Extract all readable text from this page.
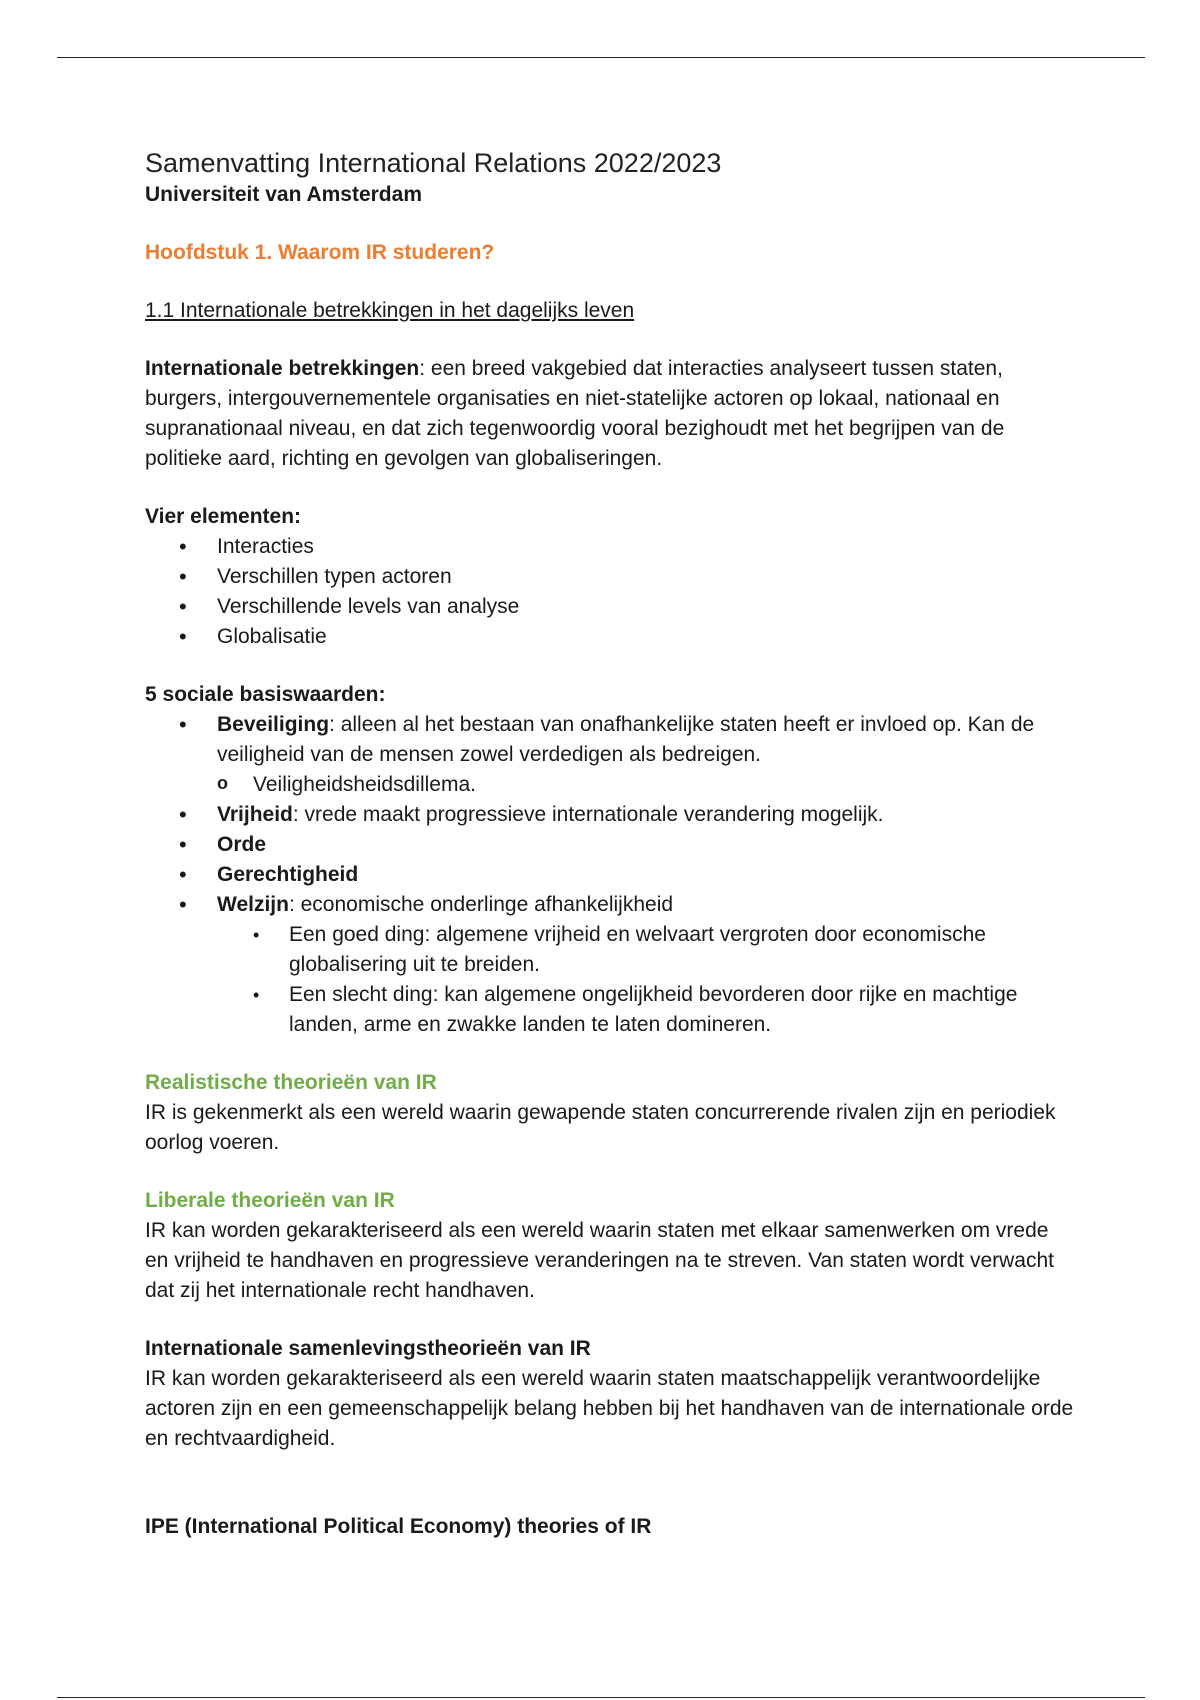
Samenvatting International Relations 2022/2023

Universiteit van Amsterdam

Hoofdstuk 1. Waarom IR studeren?

1.1 Internationale betrekkingen in het dagelijks leven

Internationale betrekkingen: een breed vakgebied dat interacties analyseert tussen staten, burgers, intergouvernementele organisaties en niet-statelijke actoren op lokaal, nationaal en supranationaal niveau, en dat zich tegenwoordig vooral bezighoudt met het begrijpen van de politieke aard, richting en gevolgen van globaliseringen.

Vier elementen:

• Interacties
• Verschillen typen actoren
• Verschillende levels van analyse
• Globalisatie

5 sociale basiswaarden:

• Beveiliging: alleen al het bestaan van onafhankelijke staten heeft er invloed op. Kan de veiligheid van de mensen zowel verdedigen als bedreigen.
o Veiligheidsheidsdillema.
• Vrijheid: vrede maakt progressieve internationale verandering mogelijk.
• Orde
• Gerechtigheid
• Welzijn: economische onderlinge afhankelijkheid
• Een goed ding: algemene vrijheid en welvaart vergroten door economische globalisering uit te breiden.
• Een slecht ding: kan algemene ongelijkheid bevorderen door rijke en machtige landen, arme en zwakke landen te laten domineren.

Realistische theorieën van IR

IR is gekenmerkt als een wereld waarin gewapende staten concurrerende rivalen zijn en periodiek oorlog voeren.

Liberale theorieën van IR

IR kan worden gekarakteriseerd als een wereld waarin staten met elkaar samenwerken om vrede en vrijheid te handhaven en progressieve veranderingen na te streven. Van staten wordt verwacht dat zij het internationale recht handhaven.

Internationale samenlevingstheorieën van IR

IR kan worden gekarakteriseerd als een wereld waarin staten maatschappelijk verantwoordelijke actoren zijn en een gemeenschappelijk belang hebben bij het handhaven van de internationale orde en rechtvaardigheid.

IPE (International Political Economy) theories of IR
